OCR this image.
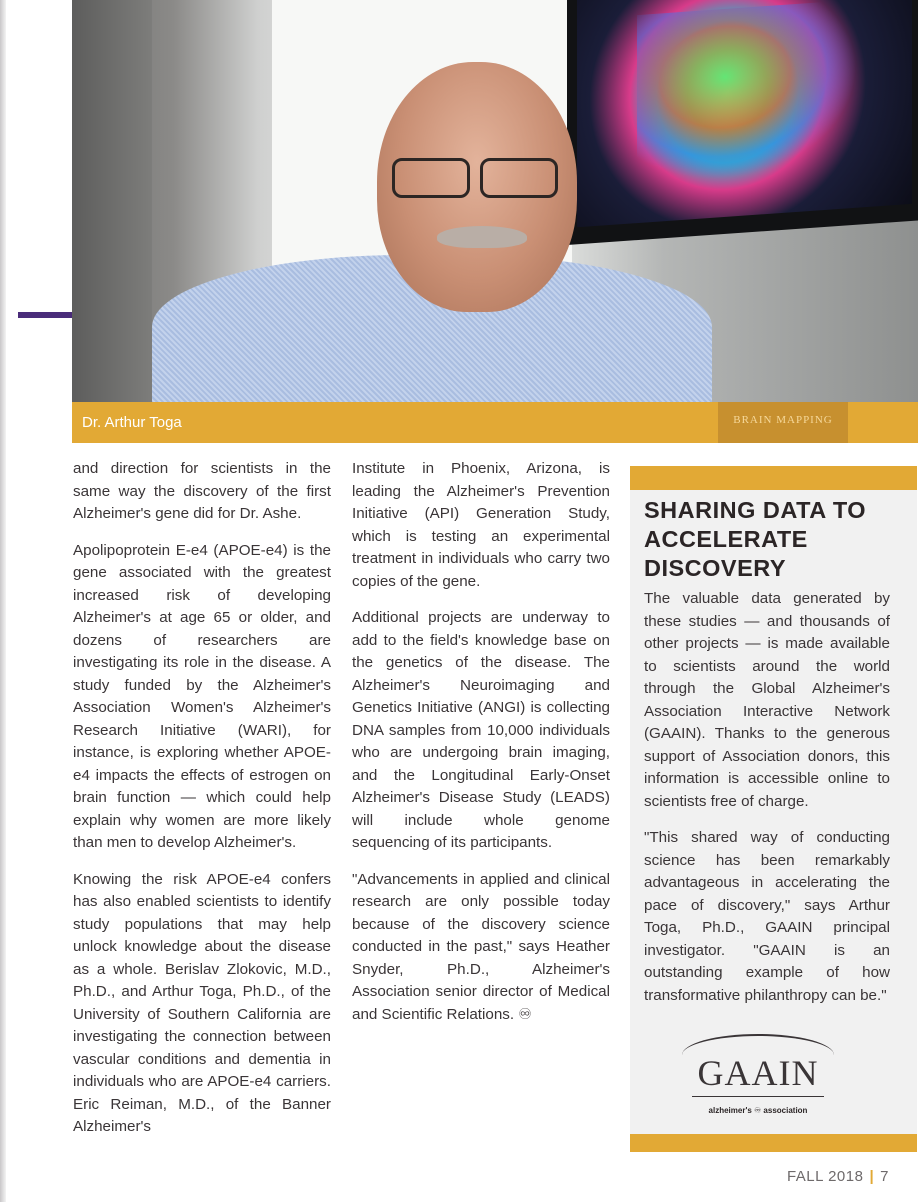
Dr. Arthur Toga	BRAIN MAPPING

and direction for scientists in the same way the discovery of the first Alzheimer's gene did for Dr. Ashe.

Apolipoprotein E-e4 (APOE-e4) is the gene associated with the greatest increased risk of developing Alzheimer's at age 65 or older, and dozens of researchers are investigating its role in the disease. A study funded by the Alzheimer's Association Women's Alzheimer's Research Initiative (WARI), for instance, is exploring whether APOE-e4 impacts the effects of estrogen on brain function — which could help explain why women are more likely than men to develop Alzheimer's.

Knowing the risk APOE-e4 confers has also enabled scientists to identify study populations that may help unlock knowledge about the disease as a whole. Berislav Zlokovic, M.D., Ph.D., and Arthur Toga, Ph.D., of the University of Southern California are investigating the connection between vascular conditions and dementia in individuals who are APOE-e4 carriers. Eric Reiman, M.D., of the Banner Alzheimer's

Institute in Phoenix, Arizona, is leading the Alzheimer's Prevention Initiative (API) Generation Study, which is testing an experimental treatment in individuals who carry two copies of the gene.

Additional projects are underway to add to the field's knowledge base on the genetics of the disease. The Alzheimer's Neuroimaging and Genetics Initiative (ANGI) is collecting DNA samples from 10,000 individuals who are undergoing brain imaging, and the Longitudinal Early-Onset Alzheimer's Disease Study (LEADS) will include whole genome sequencing of its participants.

"Advancements in applied and clinical research are only possible today because of the discovery science conducted in the past," says Heather Snyder, Ph.D., Alzheimer's Association senior director of Medical and Scientific Relations. ♾

SHARING DATA TO ACCELERATE DISCOVERY

The valuable data generated by these studies — and thousands of other projects — is made available to scientists around the world through the Global Alzheimer's Association Interactive Network (GAAIN). Thanks to the generous support of Association donors, this information is accessible online to scientists free of charge.

"This shared way of conducting science has been remarkably advantageous in accelerating the pace of discovery," says Arthur Toga, Ph.D., GAAIN principal investigator. "GAAIN is an outstanding example of how transformative philanthropy can be."

GAAIN
alzheimer's ♾ association
FALL 2018 | 7
